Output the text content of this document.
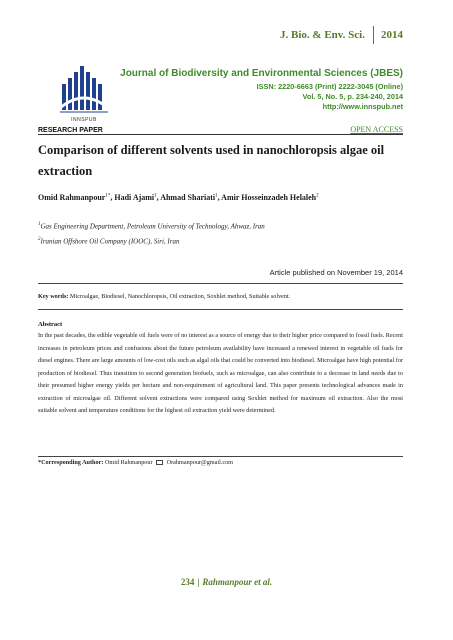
J. Bio. & Env. Sci.	2014
INNSPUB
Journal of Biodiversity and Environmental Sciences (JBES)
ISSN: 2220-6663 (Print) 2222-3045 (Online)
Vol. 5, No. 5, p. 234-240, 2014
http://www.innspub.net
RESEARCH PAPER	OPEN ACCESS
Comparison of different solvents used in nanochloropsis algae oil extraction
Omid Rahmanpour$^{1*}$, Hadi Ajami$^1$, Ahmad Shariati$^1$, Amir Hosseinzadeh Helaleh$^2$
$^1$Gas Engineering Department, Petroleum University of Technology, Ahwaz, Iran
$^2$Iranian Offshore Oil Company (IOOC), Siri, Iran
Article published on November 19, 2014
Key words: Microalgae, Biodiesel, Nanochloropsis, Oil extraction, Soxhlet method, Suitable solvent.
Abstract

In the past decades, the edible vegetable oil fuels were of no interest as a source of energy due to their higher price compared to fossil fuels. Recent increases in petroleum prices and confusions about the future petroleum availability have increased a renewed interest in vegetable oil fuels for diesel engines. There are large amounts of low-cost oils such as algal oils that could be converted into biodiesel. Microalgae have high potential for production of biodiesel. Thus transition to second generation biofuels, such as microalgae, can also contribute to a decrease in land needs due to their presumed higher energy yields per hectare and non-requirement of agricultural land. This paper presents technological advances made in extraction of microalgae oil. Different solvent extractions were compared using Soxhlet method for maximum oil extraction. Also the most suitable solvent and temperature conditions for the highest oil extraction yield were determined.

*Corresponding Author: Omid Rahmanpour Orahmanpour@gmail.com
234 | Rahmanpour et al.
